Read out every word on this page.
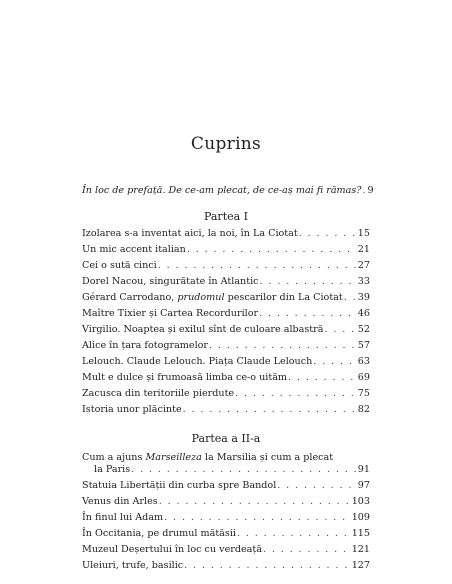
Cuprins
În loc de prefață. De ce-am plecat, de ce-aș mai fi rămas? . . . 9
Partea I
Izolarea s-a inventat aici, la noi, în La Ciotat . . .	15
Un mic accent italian . . .	21
Cei o sută cinci . . .	27
Dorel Nacou, singurătate în Atlantic . . .	33
Gérard Carrodano, prudomul pescarilor din La Ciotat . . . 39
Maître Tixier și Cartea Recordurilor . . .	46
Virgilio. Noaptea și exilul sînt de culoare albastră . . .	52
Alice în țara fotogramelor . . .	57
Lelouch. Claude Lelouch. Piața Claude Lelouch . . .	63
Mult e dulce și frumoasă limba ce-o uităm . . .	69
Zacusca din teritoriile pierdute . . .	75
Istoria unor plăcinte . . .	82
Partea a II-a
Cum a ajuns Marseilleza la Marsilia și cum a plecat
la Paris . . .	91
Statuia Libertății din curba spre Bandol . . .	97
Venus din Arles . . .	103
În finul lui Adam . . .	109
În Occitania, pe drumul mătăsii . . .	115
Muzeul Deșertului în loc cu verdeață . . .	121
Uleiuri, trufe, basilic . . .	127
